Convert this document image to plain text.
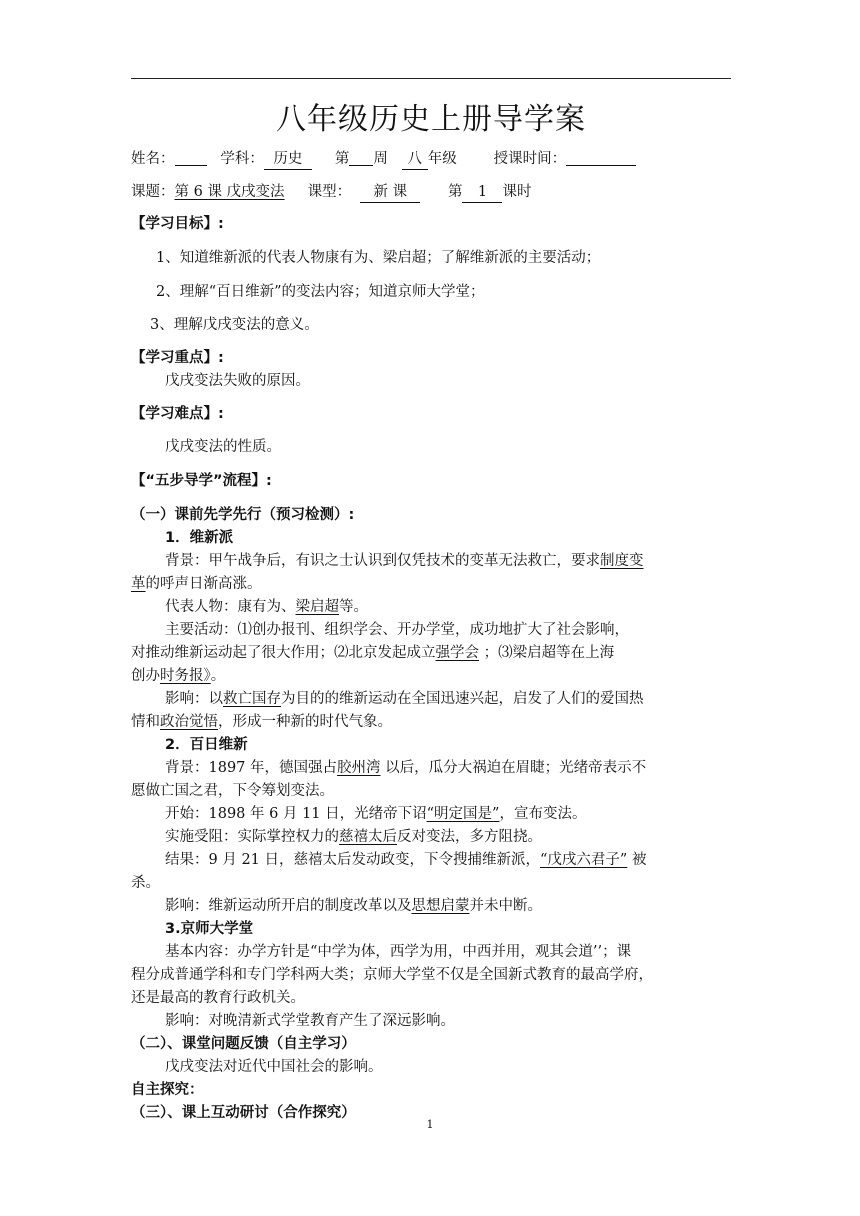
八年级历史上册导学案
姓名：	学科： 历史 第 周 八 年级	授课时间：
课题：第 6 课 戊戌变法 课型： 新 课	第 1 课时
【学习目标】:
1、知道维新派的代表人物康有为、梁启超；了解维新派的主要活动；
2、理解“百日维新”的变法内容；知道京师大学堂；
3、理解戊戌变法的意义。
【学习重点】:
戊戌变法失败的原因。
【学习难点】:
戊戌变法的性质。
【“五步导学”流程】:
（一）课前先学先行（预习检测）:
1．维新派
背景：甲午战争后，有识之士认识到仅凭技术的变革无法救亡，要求制度变
革的呼声日渐高涨。
代表人物：康有为、梁启超等。
主要活动：⑴创办报刊、组织学会、开办学堂，成功地扩大了社会影响，
对推动维新运动起了很大作用；⑵北京发起成立强学会 ；⑶梁启超等在上海
创办时务报》。
影响：以救亡国存为目的的维新运动在全国迅速兴起，启发了人们的爱国热
情和政治觉悟，形成一种新的时代气象。
2．百日维新
背景：1897 年，德国强占胶州湾 以后，瓜分大祸迫在眉睫；光绪帝表示不
愿做亡国之君，下令筹划变法。
开始：1898 年 6 月 11 日，光绪帝下诏“明定国是”，宣布变法。
实施受阻：实际掌控权力的慈禧太后反对变法，多方阻挠。
结果：9 月 21 日，慈禧太后发动政变，下令搜捕维新派，“戊戌六君子” 被
杀。
影响：维新运动所开启的制度改革以及思想启蒙并未中断。
3.京师大学堂
基本内容：办学方针是“中学为体，西学为用，中西并用，观其会道’’；课
程分成普通学科和专门学科两大类；京师大学堂不仅是全国新式教育的最高学府，
还是最高的教育行政机关。
影响：对晚清新式学堂教育产生了深远影响。
（二）、课堂问题反馈（自主学习）
戊戌变法对近代中国社会的影响。
自主探究：
（三）、课上互动研讨（合作探究）
1
